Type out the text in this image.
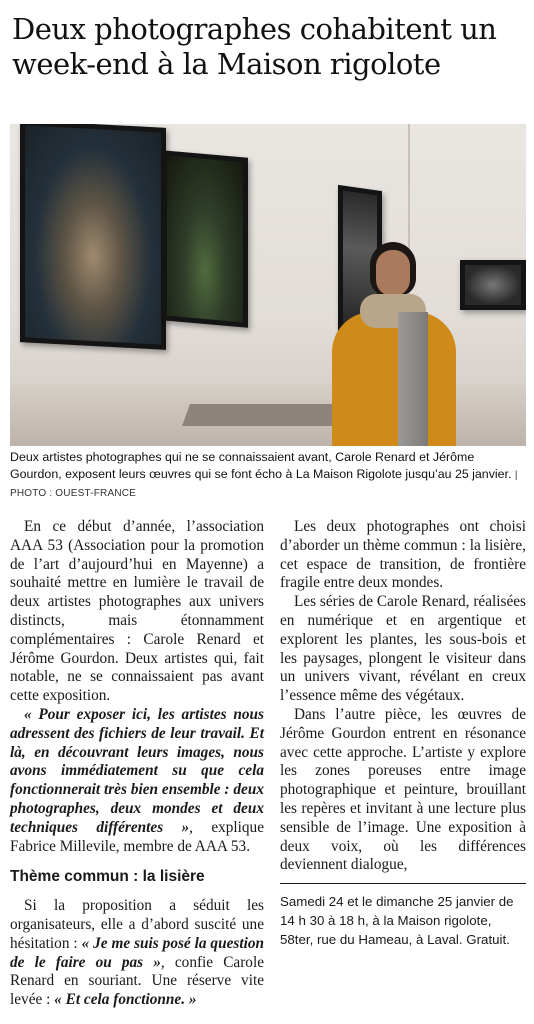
Deux photographes cohabitent un week-end à la Maison rigolote
Deux artistes photographes qui ne se connaissaient avant, Carole Renard et Jérôme Gourdon, exposent leurs œuvres qui se font écho à La Maison Rigolote jusqu’au 25 janvier. | PHOTO : OUEST-FRANCE

En ce début d’année, l’association AAA 53 (Association pour la promotion de l’art d’aujourd’hui en Mayenne) a souhaité mettre en lumière le travail de deux artistes photographes aux univers distincts, mais étonnamment complémentaires : Carole Renard et Jérôme Gourdon. Deux artistes qui, fait notable, ne se connaissaient pas avant cette exposition.

« Pour exposer ici, les artistes nous adressent des fichiers de leur travail. Et là, en découvrant leurs images, nous avons immédiatement su que cela fonctionnerait très bien ensemble : deux photographes, deux mondes et deux techniques différentes », explique Fabrice Millevile, membre de AAA 53.

Thème commun : la lisière

Si la proposition a séduit les organisateurs, elle a d’abord suscité une hésitation : « Je me suis posé la question de le faire ou pas », confie Carole Renard en souriant. Une réserve vite levée : « Et cela fonctionne. »

Les deux photographes ont choisi d’aborder un thème commun : la lisière, cet espace de transition, de frontière fragile entre deux mondes.

Les séries de Carole Renard, réalisées en numérique et en argentique et explorent les plantes, les sous-bois et les paysages, plongent le visiteur dans un univers vivant, révélant en creux l’essence même des végétaux.

Dans l’autre pièce, les œuvres de Jérôme Gourdon entrent en résonance avec cette approche. L’artiste y explore les zones poreuses entre image photographique et peinture, brouillant les repères et invitant à une lecture plus sensible de l’image. Une exposition à deux voix, où les différences deviennent dialogue,

Samedi 24 et le dimanche 25 janvier de 14 h 30 à 18 h, à la Maison rigolote, 58ter, rue du Hameau, à Laval. Gratuit.
